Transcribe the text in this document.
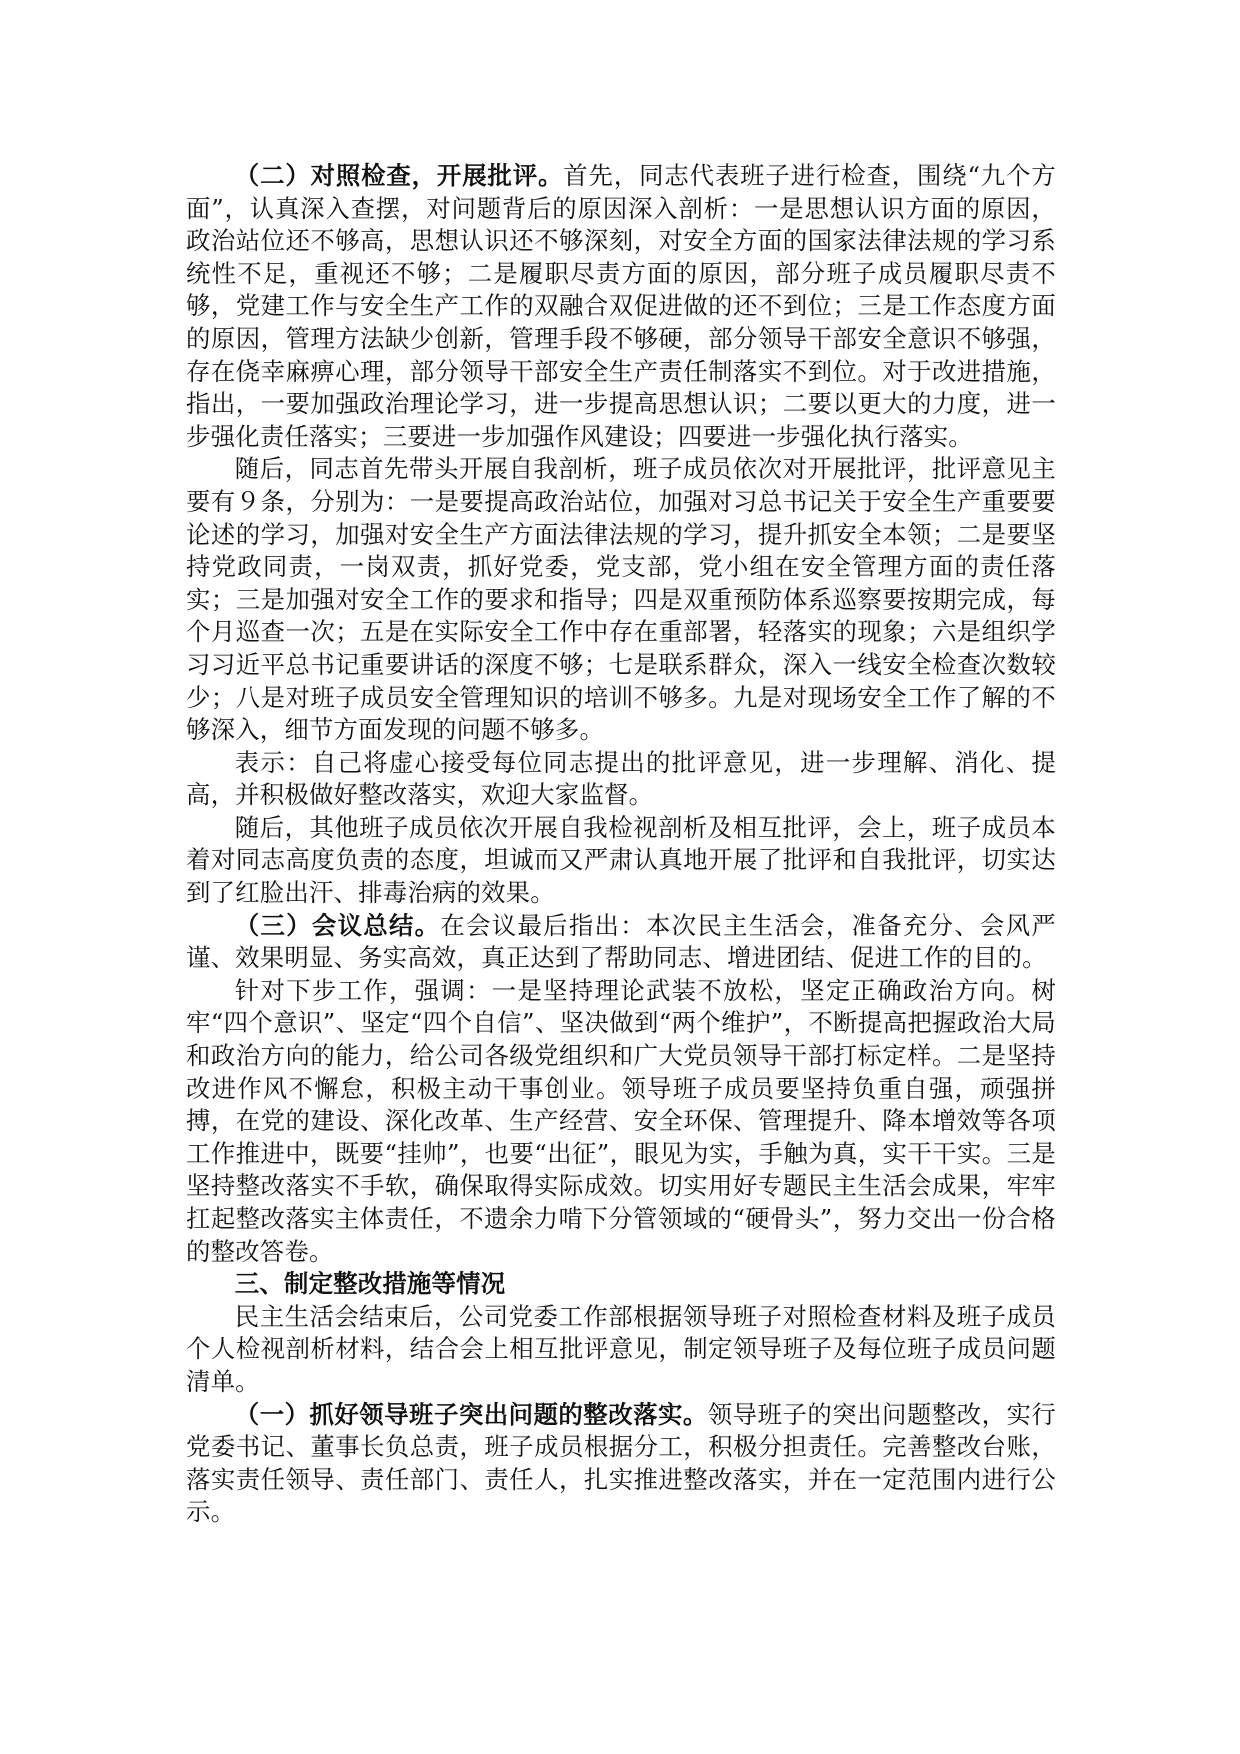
（二）对照检查，开展批评。首先，同志代表班子进行检查，围绕“九个方面”，认真深入查摆，对问题背后的原因深入剖析：一是思想认识方面的原因，政治站位还不够高，思想认识还不够深刻，对安全方面的国家法律法规的学习系统性不足，重视还不够；二是履职尽责方面的原因，部分班子成员履职尽责不够，党建工作与安全生产工作的双融合双促进做的还不到位；三是工作态度方面的原因，管理方法缺少创新，管理手段不够硬，部分领导干部安全意识不够强，存在侥幸麻痹心理，部分领导干部安全生产责任制落实不到位。对于改进措施，指出，一要加强政治理论学习，进一步提高思想认识；二要以更大的力度，进一步强化责任落实；三要进一步加强作风建设；四要进一步强化执行落实。

随后，同志首先带头开展自我剖析，班子成员依次对开展批评，批评意见主要有９条，分别为：一是要提高政治站位，加强对习总书记关于安全生产重要要论述的学习，加强对安全生产方面法律法规的学习，提升抓安全本领；二是要坚持党政同责，一岗双责，抓好党委，党支部，党小组在安全管理方面的责任落实；三是加强对安全工作的要求和指导；四是双重预防体系巡察要按期完成，每个月巡查一次；五是在实际安全工作中存在重部署，轻落实的现象；六是组织学习习近平总书记重要讲话的深度不够；七是联系群众，深入一线安全检查次数较少；八是对班子成员安全管理知识的培训不够多。九是对现场安全工作了解的不够深入，细节方面发现的问题不够多。

表示：自己将虚心接受每位同志提出的批评意见，进一步理解、消化、提高，并积极做好整改落实，欢迎大家监督。

随后，其他班子成员依次开展自我检视剖析及相互批评，会上，班子成员本着对同志高度负责的态度，坦诚而又严肃认真地开展了批评和自我批评，切实达到了红脸出汗、排毒治病的效果。

（三）会议总结。在会议最后指出：本次民主生活会，准备充分、会风严谨、效果明显、务实高效，真正达到了帮助同志、增进团结、促进工作的目的。

针对下步工作，强调：一是坚持理论武装不放松，坚定正确政治方向。树牢“四个意识”、坚定“四个自信”、坚决做到“两个维护”，不断提高把握政治大局和政治方向的能力，给公司各级党组织和广大党员领导干部打标定样。二是坚持改进作风不懈怠，积极主动干事创业。领导班子成员要坚持负重自强，顽强拼搏，在党的建设、深化改革、生产经营、安全环保、管理提升、降本增效等各项工作推进中，既要“挂帅”，也要“出征”，眼见为实，手触为真，实干干实。三是坚持整改落实不手软，确保取得实际成效。切实用好专题民主生活会成果，牢牢扛起整改落实主体责任，不遗余力啃下分管领域的“硬骨头”，努力交出一份合格的整改答卷。

三、制定整改措施等情况

民主生活会结束后，公司党委工作部根据领导班子对照检查材料及班子成员个人检视剖析材料，结合会上相互批评意见，制定领导班子及每位班子成员问题清单。

（一）抓好领导班子突出问题的整改落实。领导班子的突出问题整改，实行党委书记、董事长负总责，班子成员根据分工，积极分担责任。完善整改台账，落实责任领导、责任部门、责任人，扎实推进整改落实，并在一定范围内进行公示。
